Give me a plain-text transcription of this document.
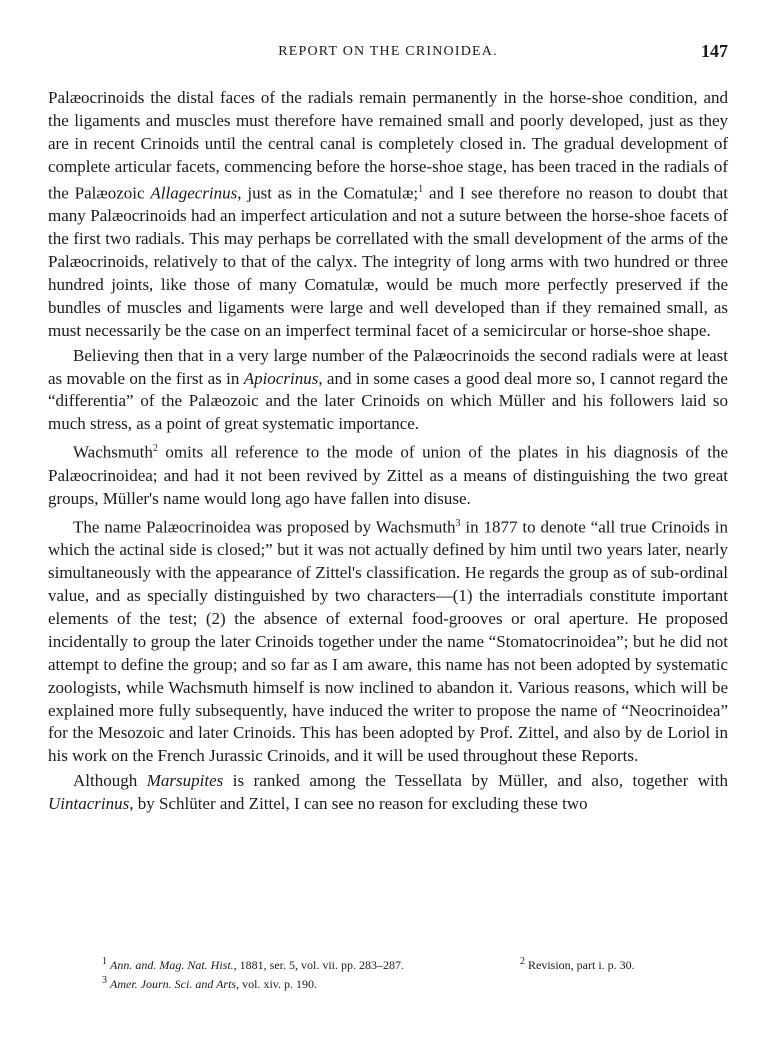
REPORT ON THE CRINOIDEA.	147

Palæocrinoids the distal faces of the radials remain permanently in the horse-shoe condition, and the ligaments and muscles must therefore have remained small and poorly developed, just as they are in recent Crinoids until the central canal is completely closed in. The gradual development of complete articular facets, commencing before the horse-shoe stage, has been traced in the radials of the Palæozoic Allagecrinus, just as in the Comatulæ;$^1$ and I see therefore no reason to doubt that many Palæocrinoids had an imperfect articulation and not a suture between the horse-shoe facets of the first two radials. This may perhaps be correllated with the small development of the arms of the Palæocrinoids, relatively to that of the calyx. The integrity of long arms with two hundred or three hundred joints, like those of many Comatulæ, would be much more perfectly preserved if the bundles of muscles and ligaments were large and well developed than if they remained small, as must necessarily be the case on an imperfect terminal facet of a semicircular or horse-shoe shape.

Believing then that in a very large number of the Palæocrinoids the second radials were at least as movable on the first as in Apiocrinus, and in some cases a good deal more so, I cannot regard the “differentia” of the Palæozoic and the later Crinoids on which Müller and his followers laid so much stress, as a point of great systematic importance.

Wachsmuth$^2$ omits all reference to the mode of union of the plates in his diagnosis of the Palæocrinoidea; and had it not been revived by Zittel as a means of distinguishing the two great groups, Müller's name would long ago have fallen into disuse.

The name Palæocrinoidea was proposed by Wachsmuth$^3$ in 1877 to denote “all true Crinoids in which the actinal side is closed;” but it was not actually defined by him until two years later, nearly simultaneously with the appearance of Zittel's classification. He regards the group as of sub-ordinal value, and as specially distinguished by two characters—(1) the interradials constitute important elements of the test; (2) the absence of external food-grooves or oral aperture. He proposed incidentally to group the later Crinoids together under the name “Stomatocrinoidea”; but he did not attempt to define the group; and so far as I am aware, this name has not been adopted by systematic zoologists, while Wachsmuth himself is now inclined to abandon it. Various reasons, which will be explained more fully subsequently, have induced the writer to propose the name of “Neocrinoidea” for the Mesozoic and later Crinoids. This has been adopted by Prof. Zittel, and also by de Loriol in his work on the French Jurassic Crinoids, and it will be used throughout these Reports.

Although Marsupites is ranked among the Tessellata by Müller, and also, together with Uintacrinus, by Schlüter and Zittel, I can see no reason for excluding these two

$^1$ Ann. and. Mag. Nat. Hist., 1881, ser. 5, vol. vii. pp. 283–287.	$^2$ Revision, part i. p. 30.
$^3$ Amer. Journ. Sci. and Arts, vol. xiv. p. 190.
